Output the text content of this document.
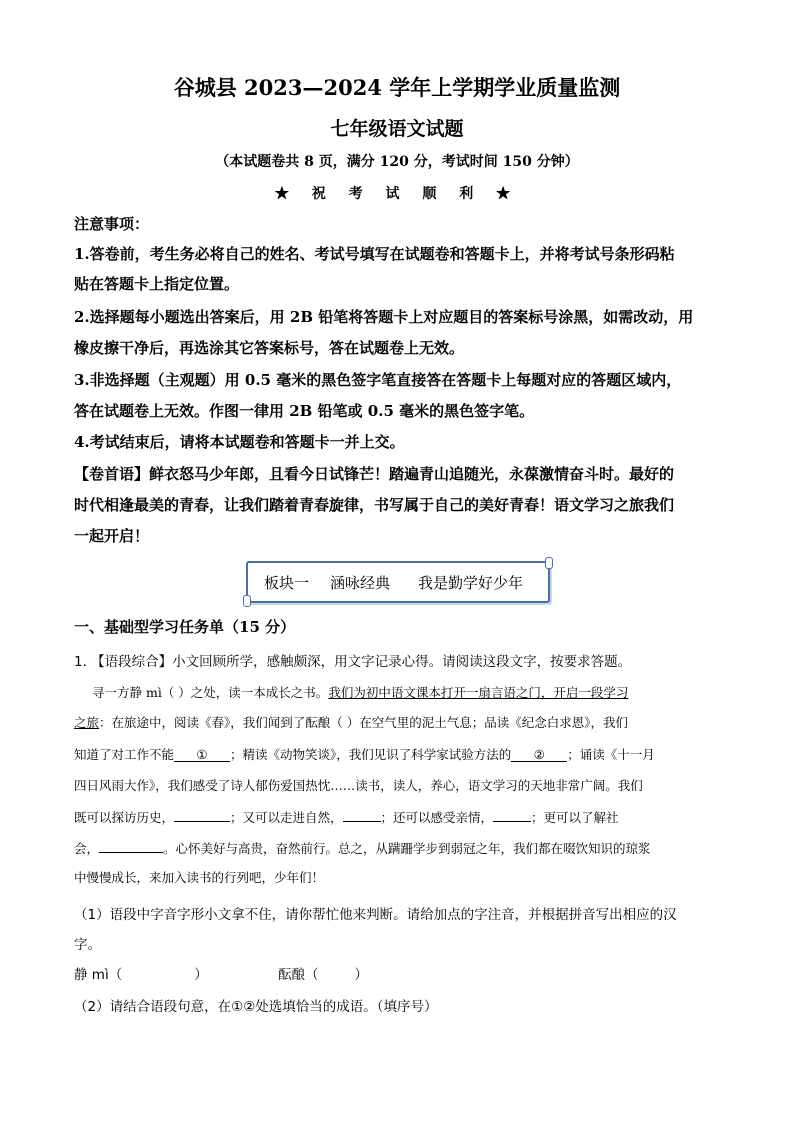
谷城县 2023—2024 学年上学期学业质量监测
七年级语文试题
（本试题卷共 8 页，满分 120 分，考试时间 150 分钟）
★ 祝 考 试 顺 利 ★
注意事项：
1.答卷前，考生务必将自己的姓名、考试号填写在试题卷和答题卡上，并将考试号条形码粘
贴在答题卡上指定位置。
2.选择题每小题选出答案后，用 2B 铅笔将答题卡上对应题目的答案标号涂黑，如需改动，用
橡皮擦干净后，再选涂其它答案标号，答在试题卷上无效。
3.非选择题（主观题）用 0.5 毫米的黑色签字笔直接答在答题卡上每题对应的答题区域内，
答在试题卷上无效。作图一律用 2B 铅笔或 0.5 毫米的黑色签字笔。
4.考试结束后，请将本试题卷和答题卡一并上交。
【卷首语】鲜衣怒马少年郎，且看今日试锋芒！踏遍青山追随光，永葆激情奋斗时。最好的
时代相逢最美的青春，让我们踏着青春旋律，书写属于自己的美好青春！语文学习之旅我们
一起开启！
板块一 涵咏经典 我是勤学好少年
一、基础型学习任务单（15 分）
1. 【语段综合】小文回顾所学，感触颇深，用文字记录心得。请阅读这段文字，按要求答题。
寻一方静 mì（ ）之处，读一本成长之书。我们为初中语文课本打开一扇言语之门，开启一段学习
之旅：在旅途中，阅读《春》，我们闻到了酝酿（ ）在空气里的泥土气息；品读《纪念白求恩》，我们
知道了对工作不能 ① ；精读《动物笑谈》，我们见识了科学家试验方法的 ② ；诵读《十一月
四日风雨大作》，我们感受了诗人郁伤爱国热忱……读书，读人，养心，语文学习的天地非常广阔。我们
既可以探访历史，	；又可以走进自然，	；还可以感受亲情，	；更可以了解社
会，	。心怀美好与高贵，奋然前行。总之，从蹒跚学步到弱冠之年，我们都在啜饮知识的琼浆
中慢慢成长，来加入读书的行列吧，少年们！
（1）语段中字音字形小文拿不住，请你帮忙他来判断。请给加点的字注音，并根据拼音写出相应的汉
字。
静 mì（	）	酝酿（	）
（2）请结合语段句意，在①②处选填恰当的成语。（填序号）
